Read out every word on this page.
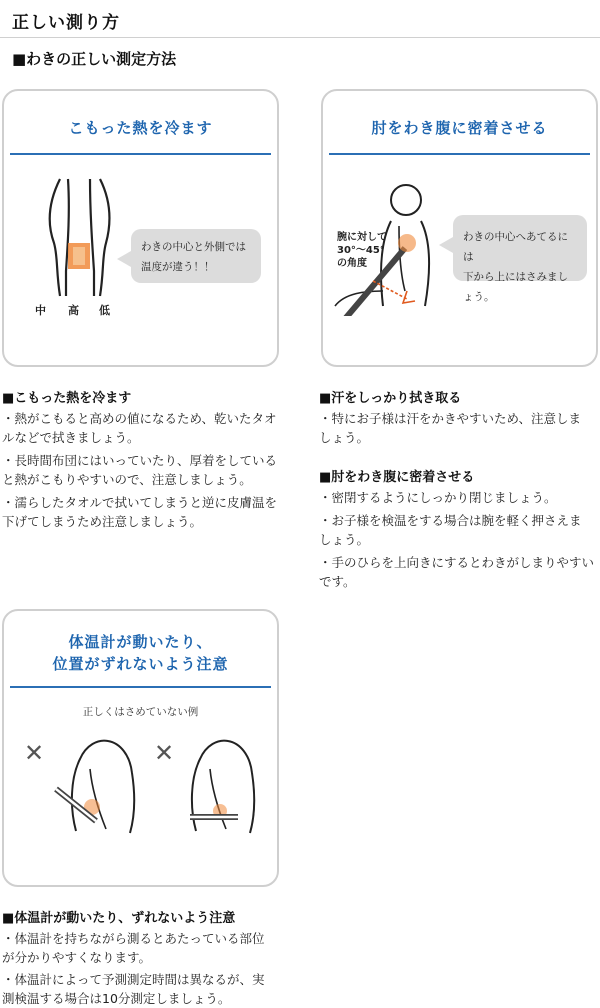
正しい測り方
■わきの正しい測定方法
こもった熱を冷ます
中 高 低
わきの中心と外側では
温度が違う！！
肘をわき腹に密着させる
腕に対して
30°〜45°
の角度
わきの中心へあてるには
下から上にはさみましょう。
■こもった熱を冷ます
・熱がこもると高めの値になるため、乾いたタオ
ルなどで拭きましょう。
・長時間布団にはいっていたり、厚着をしている
と熱がこもりやすいので、注意しましょう。
・濡らしたタオルで拭いてしまうと逆に皮膚温を
下げてしまうため注意しましょう。
■汗をしっかり拭き取る
・特にお子様は汗をかきやすいため、注意しま
しょう。
■肘をわき腹に密着させる
・密閉するようにしっかり閉じましょう。
・お子様を検温をする場合は腕を軽く押さえま
しょう。
・手のひらを上向きにするとわきがしまりやすい
です。
体温計が動いたり、
位置がずれないよう注意
正しくはさめていない例
✕	✕
■体温計が動いたり、ずれないよう注意
・体温計を持ちながら測るとあたっている部位
が分かりやすくなります。
・体温計によって予測測定時間は異なるが、実
測検温する場合は10分測定しましょう。
